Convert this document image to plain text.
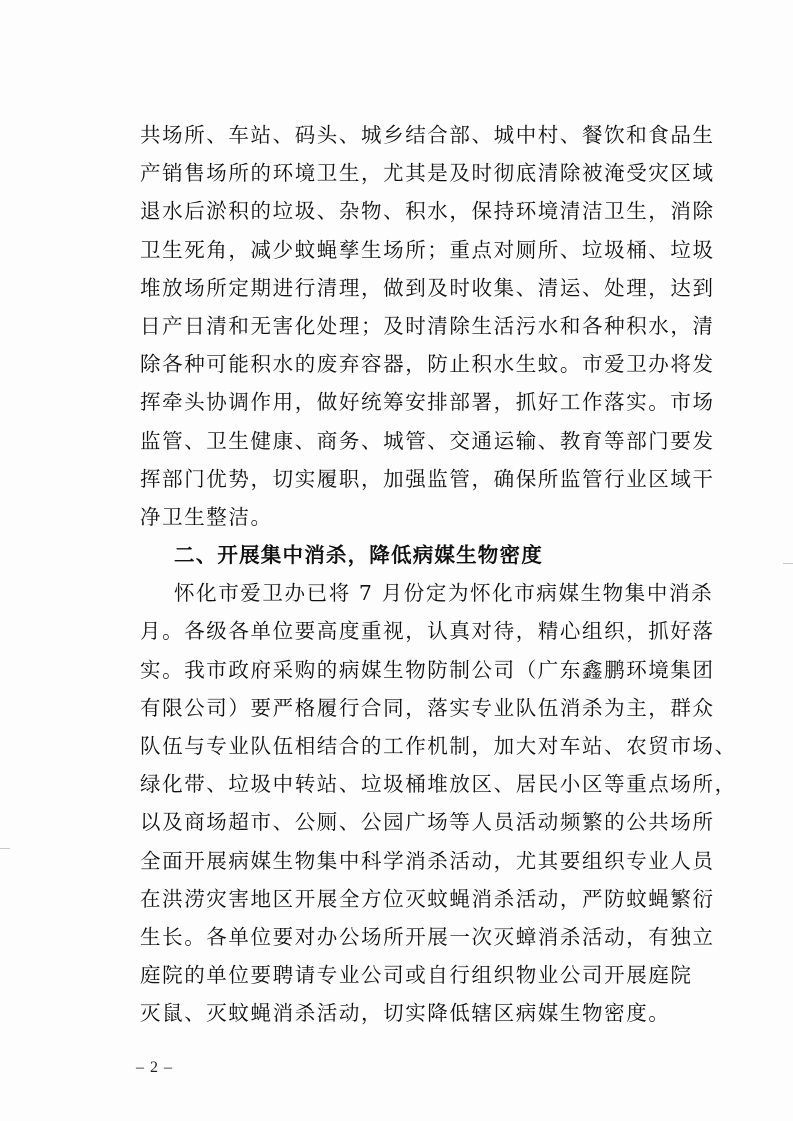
共场所、车站、码头、城乡结合部、城中村、餐饮和食品生
产销售场所的环境卫生，尤其是及时彻底清除被淹受灾区域
退水后淤积的垃圾、杂物、积水，保持环境清洁卫生，消除
卫生死角，减少蚊蝇孳生场所；重点对厕所、垃圾桶、垃圾
堆放场所定期进行清理，做到及时收集、清运、处理，达到
日产日清和无害化处理；及时清除生活污水和各种积水，清
除各种可能积水的废弃容器，防止积水生蚊。市爱卫办将发
挥牵头协调作用，做好统筹安排部署，抓好工作落实。市场
监管、卫生健康、商务、城管、交通运输、教育等部门要发
挥部门优势，切实履职，加强监管，确保所监管行业区域干
净卫生整洁。
二、开展集中消杀，降低病媒生物密度
怀化市爱卫办已将 7 月份定为怀化市病媒生物集中消杀
月。各级各单位要高度重视，认真对待，精心组织，抓好落
实。我市政府采购的病媒生物防制公司（广东鑫鹏环境集团
有限公司）要严格履行合同，落实专业队伍消杀为主，群众
队伍与专业队伍相结合的工作机制，加大对车站、农贸市场、
绿化带、垃圾中转站、垃圾桶堆放区、居民小区等重点场所，
以及商场超市、公厕、公园广场等人员活动频繁的公共场所
全面开展病媒生物集中科学消杀活动，尤其要组织专业人员
在洪涝灾害地区开展全方位灭蚊蝇消杀活动，严防蚊蝇繁衍
生长。各单位要对办公场所开展一次灭蟑消杀活动，有独立
庭院的单位要聘请专业公司或自行组织物业公司开展庭院
灭鼠、灭蚊蝇消杀活动，切实降低辖区病媒生物密度。
– 2 –
